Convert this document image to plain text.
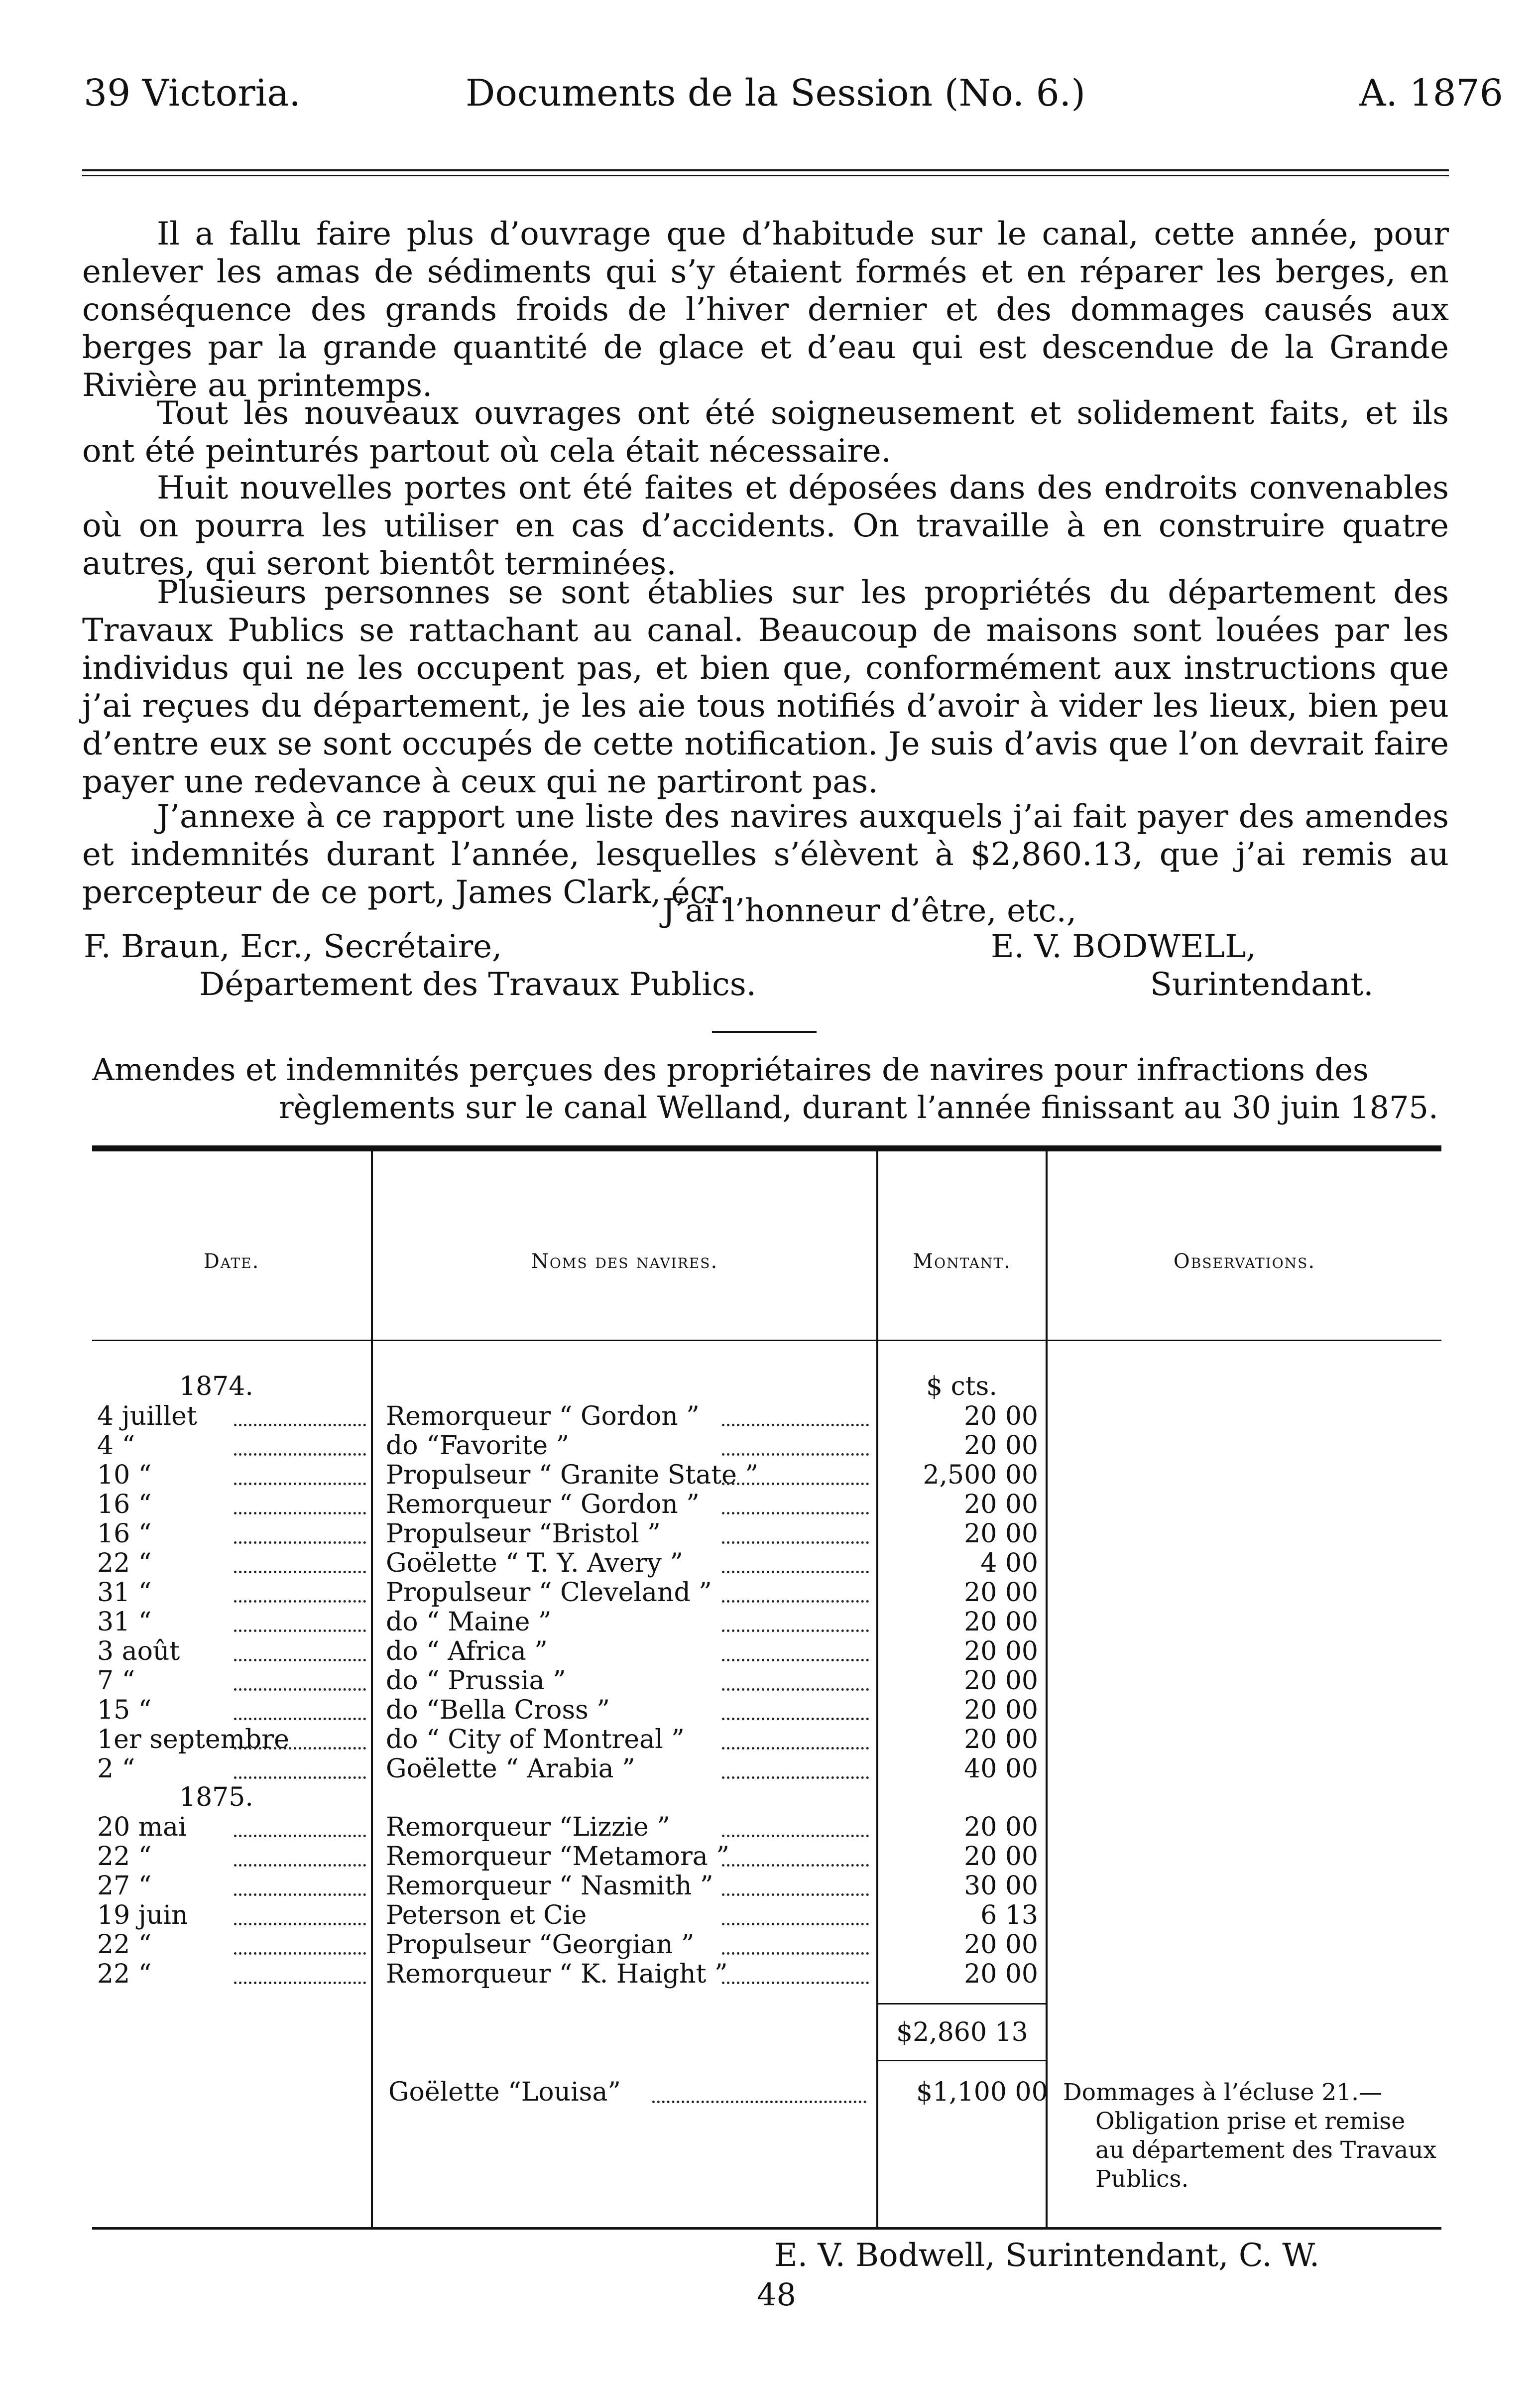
39 Victoria.	Documents de la Session (No. 6.)	A. 1876

Il a fallu faire plus d’ouvrage que d’habitude sur le canal, cette année, pour enlever les amas de sédiments qui s’y étaient formés et en réparer les berges, en conséquence des grands froids de l’hiver dernier et des dommages causés aux berges par la grande quantité de glace et d’eau qui est descendue de la Grande Rivière au printemps.

Tout les nouveaux ouvrages ont été soigneusement et solidement faits, et ils ont été peinturés partout où cela était nécessaire.

Huit nouvelles portes ont été faites et déposées dans des endroits convenables où on pourra les utiliser en cas d’accidents. On travaille à en construire quatre autres, qui seront bientôt terminées.

Plusieurs personnes se sont établies sur les propriétés du département des Travaux Publics se rattachant au canal. Beaucoup de maisons sont louées par les individus qui ne les occupent pas, et bien que, conformément aux instructions que j’ai reçues du département, je les aie tous notifiés d’avoir à vider les lieux, bien peu d’entre eux se sont occupés de cette notification. Je suis d’avis que l’on devrait faire payer une redevance à ceux qui ne partiront pas.

J’annexe à ce rapport une liste des navires auxquels j’ai fait payer des amendes et indemnités durant l’année, lesquelles s’élèvent à $2,860.13, que j’ai remis au percepteur de ce port, James Clark, écr.

J’ai l’honneur d’être, etc.,
F. Braun, Ecr., Secrétaire,
Département des Travaux Publics.
E. V. BODWELL,
Surintendant.
Amendes et indemnités perçues des propriétaires de navires pour infractions des
règlements sur le canal Welland, durant l’année finissant au 30 juin 1875.
Date.	Noms des navires.	Montant.	Observations.
1874.	$ cts.
4 juillet	Remorqueur “ Gordon ”	20 00
4 “	do “Favorite ”	20 00
10 “	Propulseur “ Granite State ”	2,500 00
16 “	Remorqueur “ Gordon ”	20 00
16 “	Propulseur “Bristol ”	20 00
22 “	Goëlette “ T. Y. Avery ”	4 00
31 “	Propulseur “ Cleveland ”	20 00
31 “	do “ Maine ”	20 00
3 août	do “ Africa ”	20 00
7 “	do “ Prussia ”	20 00
15 “	do “Bella Cross ”	20 00
1er septembre	do “ City of Montreal ”	20 00
2 “	Goëlette “ Arabia ”	40 00
1875.
20 mai	Remorqueur “Lizzie ”	20 00
22 “	Remorqueur “Metamora ”	20 00
27 “	Remorqueur “ Nasmith ”	30 00
19 juin	Peterson et Cie	6 13
22 “	Propulseur “Georgian ”	20 00
22 “	Remorqueur “ K. Haight ”	20 00
$2,860 13
Goëlette “Louisa”	$1,100 00 Dommages à l’écluse 21.—
Obligation prise et remise
au département des Travaux
Publics.
E. V. Bodwell, Surintendant, C. W.
48
